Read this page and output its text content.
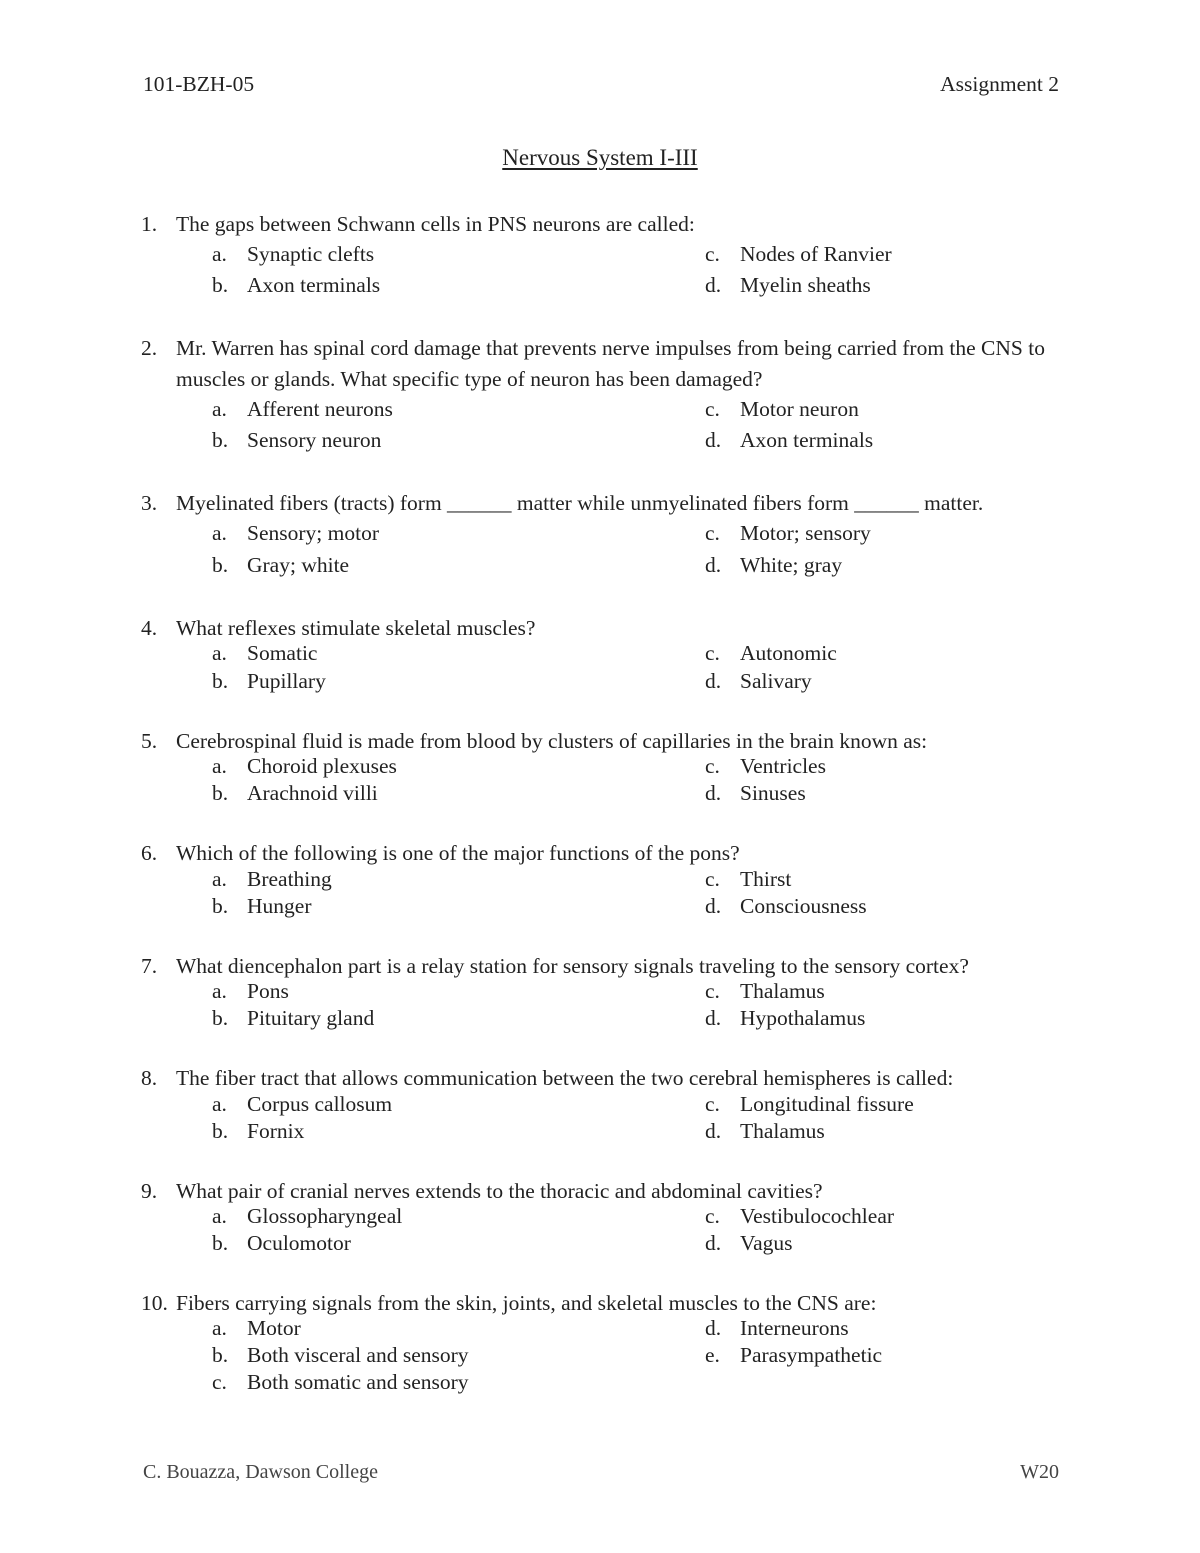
101-BZH-05	Assignment 2
Nervous System I-III
1. The gaps between Schwann cells in PNS neurons are called:
a. Synaptic clefts
b. Axon terminals
c. Nodes of Ranvier
d. Myelin sheaths
2. Mr. Warren has spinal cord damage that prevents nerve impulses from being carried from the CNS to muscles or glands. What specific type of neuron has been damaged?
a. Afferent neurons
b. Sensory neuron
c. Motor neuron
d. Axon terminals
3. Myelinated fibers (tracts) form ______ matter while unmyelinated fibers form ______ matter.
a. Sensory; motor
b. Gray; white
c. Motor; sensory
d. White; gray
4. What reflexes stimulate skeletal muscles?
a. Somatic
b. Pupillary
c. Autonomic
d. Salivary
5. Cerebrospinal fluid is made from blood by clusters of capillaries in the brain known as:
a. Choroid plexuses
b. Arachnoid villi
c. Ventricles
d. Sinuses
6. Which of the following is one of the major functions of the pons?
a. Breathing
b. Hunger
c. Thirst
d. Consciousness
7. What diencephalon part is a relay station for sensory signals traveling to the sensory cortex?
a. Pons
b. Pituitary gland
c. Thalamus
d. Hypothalamus
8. The fiber tract that allows communication between the two cerebral hemispheres is called:
a. Corpus callosum
b. Fornix
c. Longitudinal fissure
d. Thalamus
9. What pair of cranial nerves extends to the thoracic and abdominal cavities?
a. Glossopharyngeal
b. Oculomotor
c. Vestibulocochlear
d. Vagus
10. Fibers carrying signals from the skin, joints, and skeletal muscles to the CNS are:
a. Motor
b. Both visceral and sensory
c. Both somatic and sensory
d. Interneurons
e. Parasympathetic
C. Bouazza, Dawson College	W20
